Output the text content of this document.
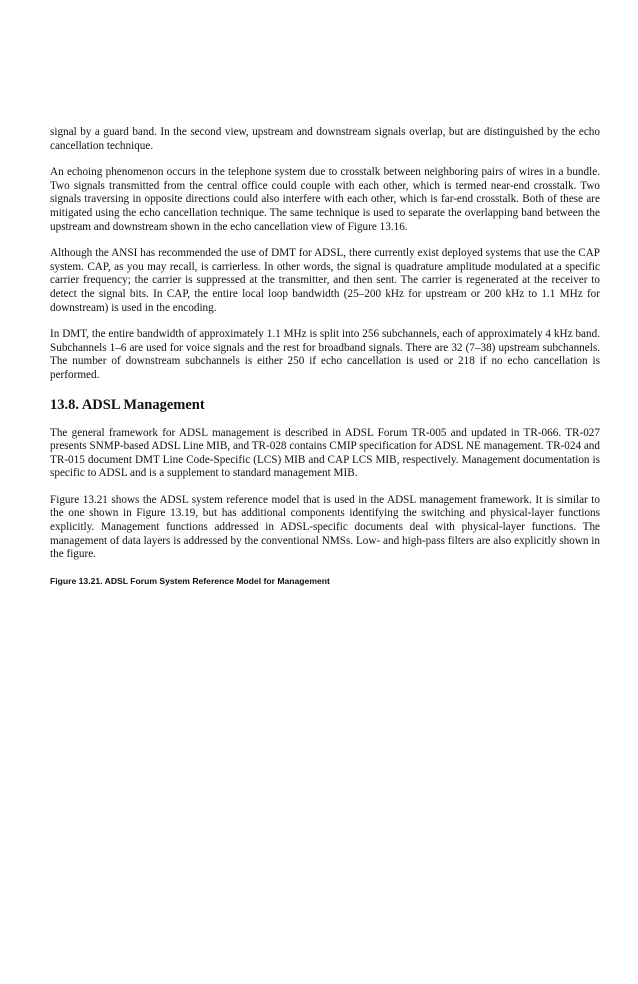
signal by a guard band. In the second view, upstream and downstream signals overlap, but are distinguished by the echo cancellation technique.

An echoing phenomenon occurs in the telephone system due to crosstalk between neighboring pairs of wires in a bundle. Two signals transmitted from the central office could couple with each other, which is termed near-end crosstalk. Two signals traversing in opposite directions could also interfere with each other, which is far-end crosstalk. Both of these are mitigated using the echo cancellation technique. The same technique is used to separate the overlapping band between the upstream and downstream shown in the echo cancellation view of Figure 13.16.

Although the ANSI has recommended the use of DMT for ADSL, there currently exist deployed systems that use the CAP system. CAP, as you may recall, is carrierless. In other words, the signal is quadrature amplitude modulated at a specific carrier frequency; the carrier is suppressed at the transmitter, and then sent. The carrier is regenerated at the receiver to detect the signal bits. In CAP, the entire local loop bandwidth (25–200 kHz for upstream or 200 kHz to 1.1 MHz for downstream) is used in the encoding.

In DMT, the entire bandwidth of approximately 1.1 MHz is split into 256 subchannels, each of approximately 4 kHz band. Subchannels 1–6 are used for voice signals and the rest for broadband signals. There are 32 (7–38) upstream subchannels. The number of downstream subchannels is either 250 if echo cancellation is used or 218 if no echo cancellation is performed.

13.8. ADSL Management

The general framework for ADSL management is described in ADSL Forum TR-005 and updated in TR-066. TR-027 presents SNMP-based ADSL Line MIB, and TR-028 contains CMIP specification for ADSL NE management. TR-024 and TR-015 document DMT Line Code-Specific (LCS) MIB and CAP LCS MIB, respectively. Management documentation is specific to ADSL and is a supplement to standard management MIB.

Figure 13.21 shows the ADSL system reference model that is used in the ADSL management framework. It is similar to the one shown in Figure 13.19, but has additional components identifying the switching and physical-layer functions explicitly. Management functions addressed in ADSL-specific documents deal with physical-layer functions. The management of data layers is addressed by the conventional NMSs. Low- and high-pass filters are also explicitly shown in the figure.

Figure 13.21. ADSL Forum System Reference Model for Management
